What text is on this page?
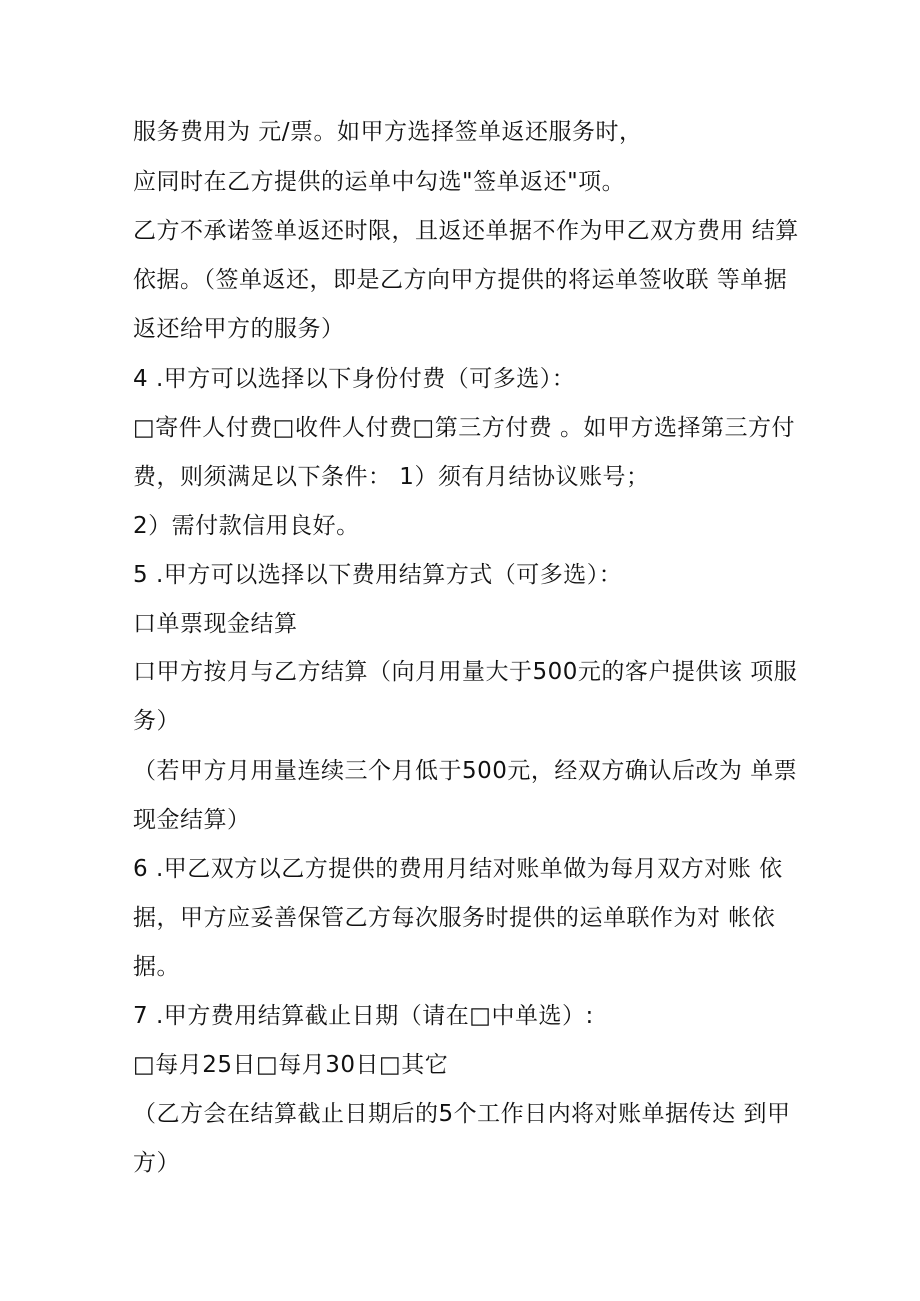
服务费用为 元/票。如甲方选择签单返还服务时，
应同时在乙方提供的运单中勾选"签单返还"项。
乙方不承诺签单返还时限，且返还单据不作为甲乙双方费用 结算
依据。（签单返还，即是乙方向甲方提供的将运单签收联 等单据
返还给甲方的服务）
4 .甲方可以选择以下身份付费（可多选）：
□寄件人付费□收件人付费□第三方付费 。如甲方选择第三方付
费，则须满足以下条件： 1）须有月结协议账号；
2）需付款信用良好。
5 .甲方可以选择以下费用结算方式（可多选）：
口单票现金结算
口甲方按月与乙方结算（向月用量大于500元的客户提供该 项服
务）
（若甲方月用量连续三个月低于500元，经双方确认后改为 单票
现金结算）
6 .甲乙双方以乙方提供的费用月结对账单做为每月双方对账 依
据，甲方应妥善保管乙方每次服务时提供的运单联作为对 帐依
据。
7 .甲方费用结算截止日期（请在□中单选）:
□每月25日□每月30日□其它
（乙方会在结算截止日期后的5个工作日内将对账单据传达 到甲
方）
